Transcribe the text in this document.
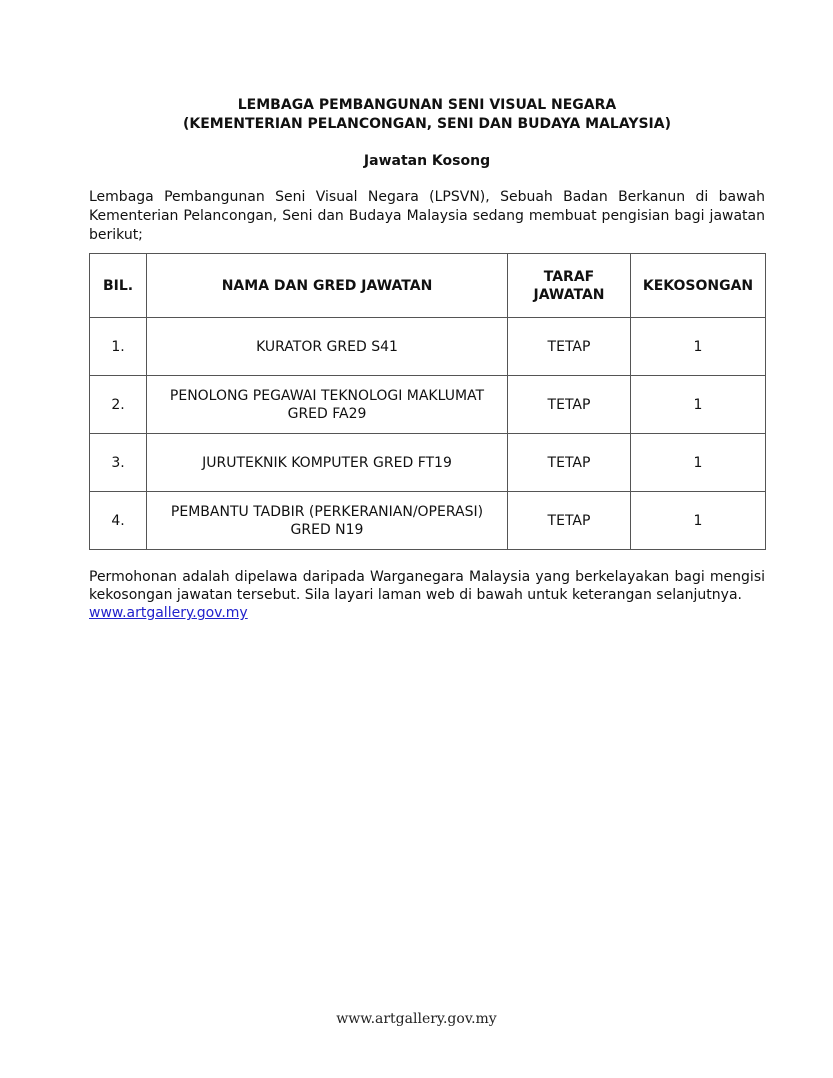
LEMBAGA PEMBANGUNAN SENI VISUAL NEGARA
(KEMENTERIAN PELANCONGAN, SENI DAN BUDAYA MALAYSIA)
Jawatan Kosong

Lembaga Pembangunan Seni Visual Negara (LPSVN), Sebuah Badan Berkanun di bawah Kementerian Pelancongan, Seni dan Budaya Malaysia sedang membuat pengisian bagi jawatan berikut;

BIL.	NAMA DAN GRED JAWATAN	TARAF
JAWATAN	KEKOSONGAN
1.	KURATOR GRED S41	TETAP	1
2.	PENOLONG PEGAWAI TEKNOLOGI MAKLUMAT
GRED FA29	TETAP	1
3.	JURUTEKNIK KOMPUTER GRED FT19	TETAP	1
4.	PEMBANTU TADBIR (PERKERANIAN/OPERASI)
GRED N19	TETAP	1

Permohonan adalah dipelawa daripada Warganegara Malaysia yang berkelayakan bagi mengisi kekosongan jawatan tersebut. Sila layari laman web di bawah untuk keterangan selanjutnya.
www.artgallery.gov.my

www.artgallery.gov.my
